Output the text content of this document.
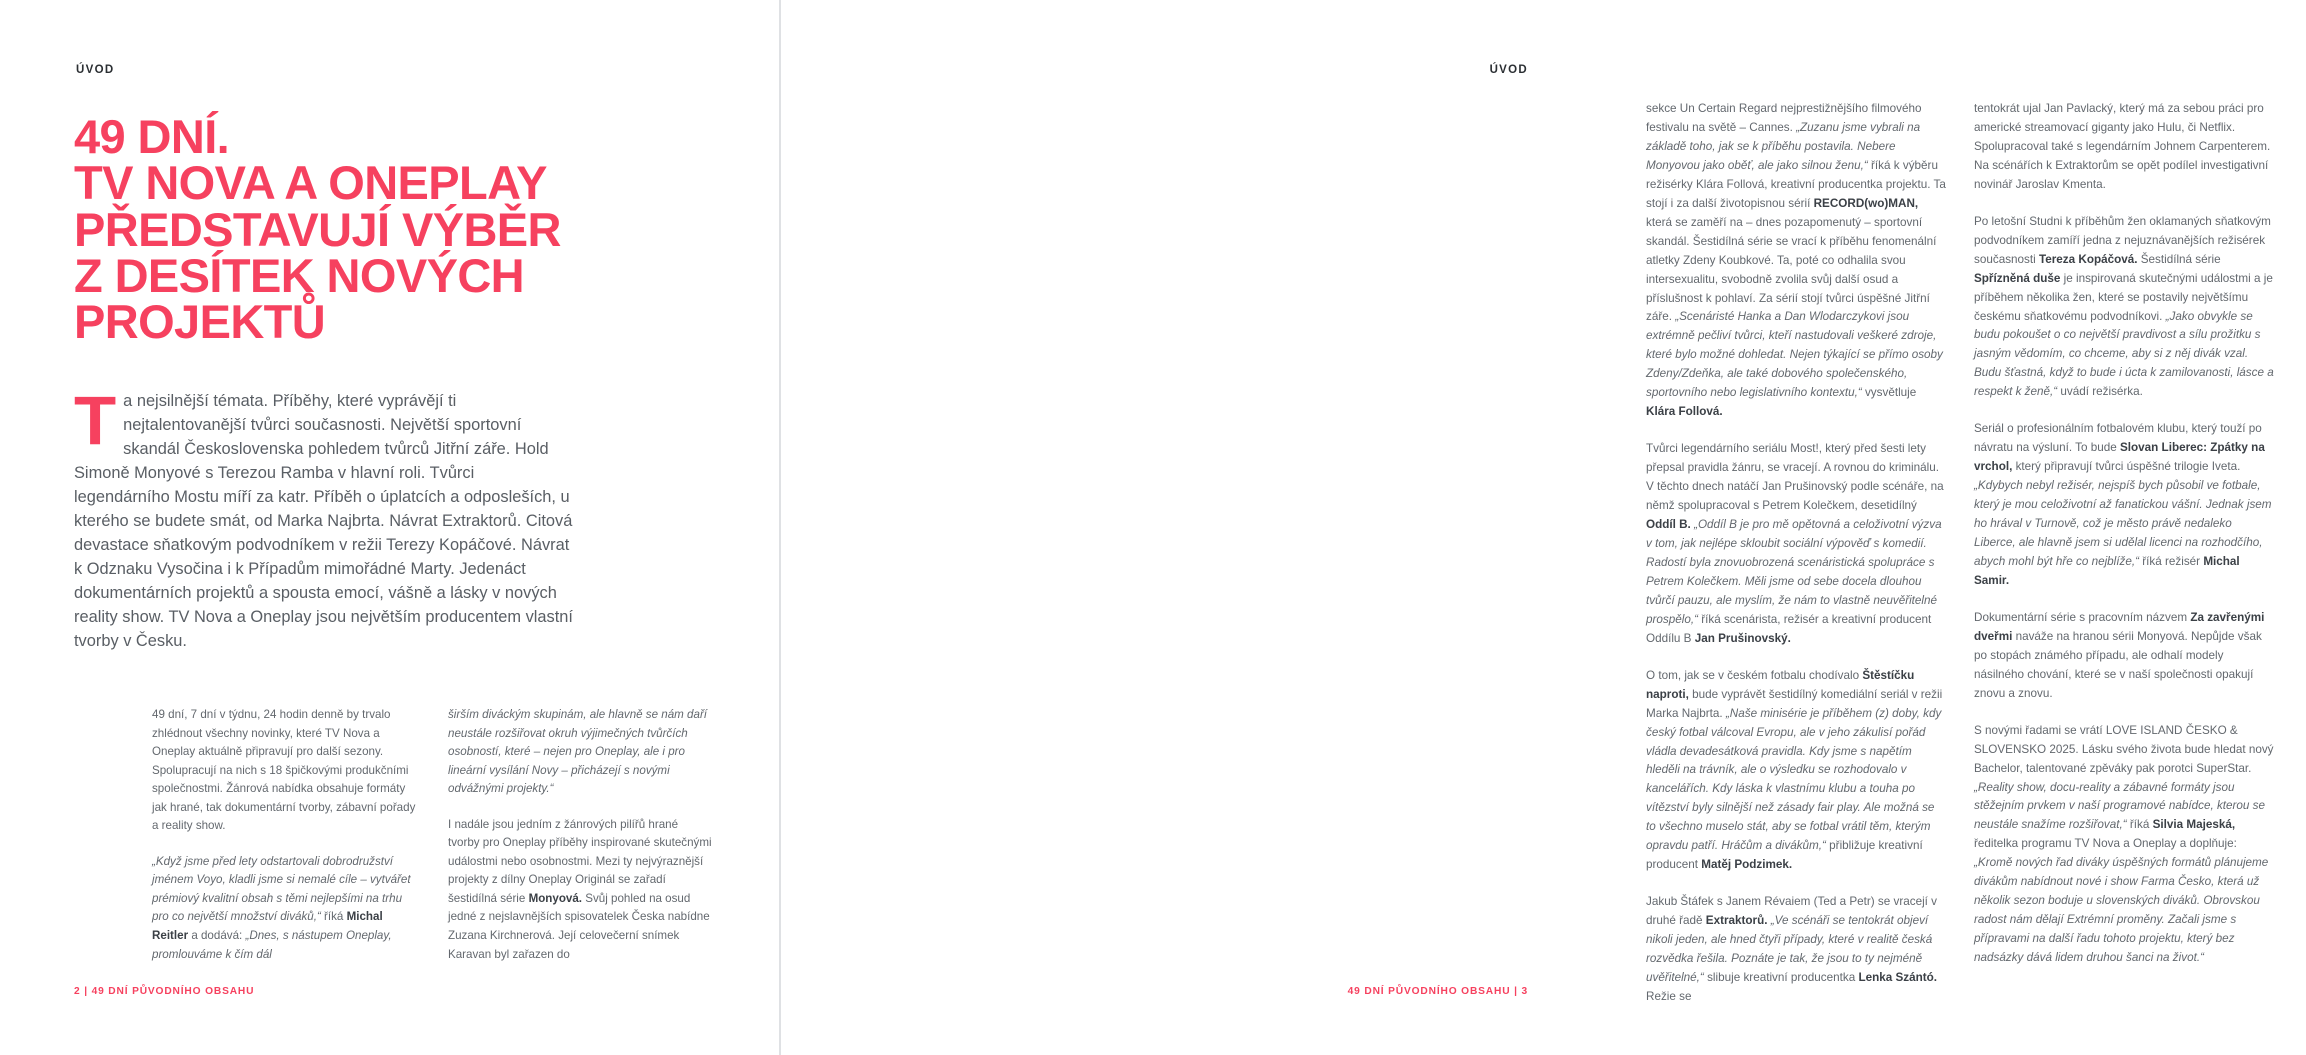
ÚVOD
49 DNÍ.
TV NOVA A ONEPLAY
PŘEDSTAVUJÍ VÝBĚR
Z DESÍTEK NOVÝCH
PROJEKTŮ
Ta nejsilnější témata. Příběhy, které vyprávějí ti nejtalentovanější tvůrci současnosti. Největší sportovní skandál Československa pohledem tvůrců Jitřní záře. Hold Simoně Monyové s Terezou Ramba v hlavní roli. Tvůrci legendárního Mostu míří za katr. Příběh o úplatcích a odposleších, u kterého se budete smát, od Marka Najbrta. Návrat Extraktorů. Citová devastace sňatkovým podvodníkem v režii Terezy Kopáčové. Návrat k Odznaku Vysočina i k Případům mimořádné Marty. Jedenáct dokumentárních projektů a spousta emocí, vášně a lásky v nových reality show. TV Nova a Oneplay jsou největším producentem vlastní tvorby v Česku.

49 dní, 7 dní v týdnu, 24 hodin denně by trvalo zhlédnout všechny novinky, které TV Nova a Oneplay aktuálně připravují pro další sezony. Spolupracují na nich s 18 špičkovými produkčními společnostmi. Žánrová nabídka obsahuje formáty jak hrané, tak dokumentární tvorby, zábavní pořady a reality show.

„Když jsme před lety odstartovali dobrodružství jménem Voyo, kladli jsme si nemalé cíle – vytvářet prémiový kvalitní obsah s těmi nejlepšími na trhu pro co největší množství diváků,“ říká Michal Reitler a dodává: „Dnes, s nástupem Oneplay, promlouváme k čím dál

širším diváckým skupinám, ale hlavně se nám daří neustále rozšiřovat okruh výjimečných tvůrčích osobností, které – nejen pro Oneplay, ale i pro lineární vysílání Novy – přicházejí s novými odvážnými projekty.“

I nadále jsou jedním z žánrových pilířů hrané tvorby pro Oneplay příběhy inspirované skutečnými událostmi nebo osobnostmi. Mezi ty nejvýraznější projekty z dílny Oneplay Originál se zařadí šestidílná série Monyová. Svůj pohled na osud jedné z nejslavnějších spisovatelek Česka nabídne Zuzana Kirchnerová. Její celovečerní snímek Karavan byl zařazen do

2 | 49 DNÍ PŮVODNÍHO OBSAHU
ÚVOD

sekce Un Certain Regard nejprestižnějšího filmového festivalu na světě – Cannes. „Zuzanu jsme vybrali na základě toho, jak se k příběhu postavila. Nebere Monyovou jako oběť, ale jako silnou ženu,“ říká k výběru režisérky Klára Follová, kreativní producentka projektu. Ta stojí i za další životopisnou sérií RECORD(wo)MAN, která se zaměří na – dnes pozapomenutý – sportovní skandál. Šestidílná série se vrací k příběhu fenomenální atletky Zdeny Koubkové. Ta, poté co odhalila svou intersexualitu, svobodně zvolila svůj další osud a příslušnost k pohlaví. Za sérií stojí tvůrci úspěšné Jitřní záře. „Scenáristé Hanka a Dan Wlodarczykovi jsou extrémně pečliví tvůrci, kteří nastudovali veškeré zdroje, které bylo možné dohledat. Nejen týkající se přímo osoby Zdeny/Zdeňka, ale také dobového společenského, sportovního nebo legislativního kontextu,“ vysvětluje Klára Follová.

Tvůrci legendárního seriálu Most!, který před šesti lety přepsal pravidla žánru, se vracejí. A rovnou do kriminálu. V těchto dnech natáčí Jan Prušinovský podle scénáře, na němž spolupracoval s Petrem Kolečkem, desetidílný Oddíl B. „Oddíl B je pro mě opětovná a celoživotní výzva v tom, jak nejlépe skloubit sociální výpověď s komedií. Radostí byla znovuobrozená scenáristická spolupráce s Petrem Kolečkem. Měli jsme od sebe docela dlouhou tvůrčí pauzu, ale myslím, že nám to vlastně neuvěřitelné prospělo,“ říká scenárista, režisér a kreativní producent Oddílu B Jan Prušinovský.

O tom, jak se v českém fotbalu chodívalo Štěstíčku naproti, bude vyprávět šestidílný komediální seriál v režii Marka Najbrta. „Naše minisérie je příběhem (z) doby, kdy český fotbal válcoval Evropu, ale v jeho zákulisí pořád vládla devadesátková pravidla. Kdy jsme s napětím hleděli na trávník, ale o výsledku se rozhodovalo v kancelářích. Kdy láska k vlastnímu klubu a touha po vítězství byly silnější než zásady fair play. Ale možná se to všechno muselo stát, aby se fotbal vrátil těm, kterým opravdu patří. Hráčům a divákům,“ přibližuje kreativní producent Matěj Podzimek.

Jakub Štáfek s Janem Révaiem (Ted a Petr) se vracejí v druhé řadě Extraktorů. „Ve scénáři se tentokrát objeví nikoli jeden, ale hned čtyři případy, které v realitě česká rozvědka řešila. Poznáte je tak, že jsou to ty nejméně uvěřitelné,“ slibuje kreativní producentka Lenka Szántó. Režie se

tentokrát ujal Jan Pavlacký, který má za sebou práci pro americké streamovací giganty jako Hulu, či Netflix. Spolupracoval také s legendárním Johnem Carpenterem. Na scénářích k Extraktorům se opět podílel investigativní novinář Jaroslav Kmenta.

Po letošní Studni k příběhům žen oklamaných sňatkovým podvodníkem zamíří jedna z nejuznávanějších režisérek současnosti Tereza Kopáčová. Šestidílná série Spřízněná duše je inspirovaná skutečnými událostmi a je příběhem několika žen, které se postavily největšímu českému sňatkovému podvodníkovi. „Jako obvykle se budu pokoušet o co největší pravdivost a sílu prožitku s jasným vědomím, co chceme, aby si z něj divák vzal. Budu šťastná, když to bude i úcta k zamilovanosti, lásce a respekt k ženě,“ uvádí režisérka.

Seriál o profesionálním fotbalovém klubu, který touží po návratu na výsluní. To bude Slovan Liberec: Zpátky na vrchol, který připravují tvůrci úspěšné trilogie Iveta. „Kdybych nebyl režisér, nejspíš bych působil ve fotbale, který je mou celoživotní až fanatickou vášní. Jednak jsem ho hrával v Turnově, což je město právě nedaleko Liberce, ale hlavně jsem si udělal licenci na rozhodčího, abych mohl být hře co nejblíže,“ říká režisér Michal Samir.

Dokumentární série s pracovním názvem Za zavřenými dveřmi naváže na hranou sérii Monyová. Nepůjde však po stopách známého případu, ale odhalí modely násilného chování, které se v naší společnosti opakují znovu a znovu.

S novými řadami se vrátí LOVE ISLAND ČESKO & SLOVENSKO 2025. Lásku svého života bude hledat nový Bachelor, talentované zpěváky pak porotci SuperStar. „Reality show, docu-reality a zábavné formáty jsou stěžejním prvkem v naší programové nabídce, kterou se neustále snažíme rozšiřovat,“ říká Silvia Majeská, ředitelka programu TV Nova a Oneplay a doplňuje: „Kromě nových řad diváky úspěšných formátů plánujeme divákům nabídnout nové i show Farma Česko, která už několik sezon boduje u slovenských diváků. Obrovskou radost nám dělají Extrémní proměny. Začali jsme s přípravami na další řadu tohoto projektu, který bez nadsázky dává lidem druhou šanci na život.“

49 DNÍ PŮVODNÍHO OBSAHU | 3
